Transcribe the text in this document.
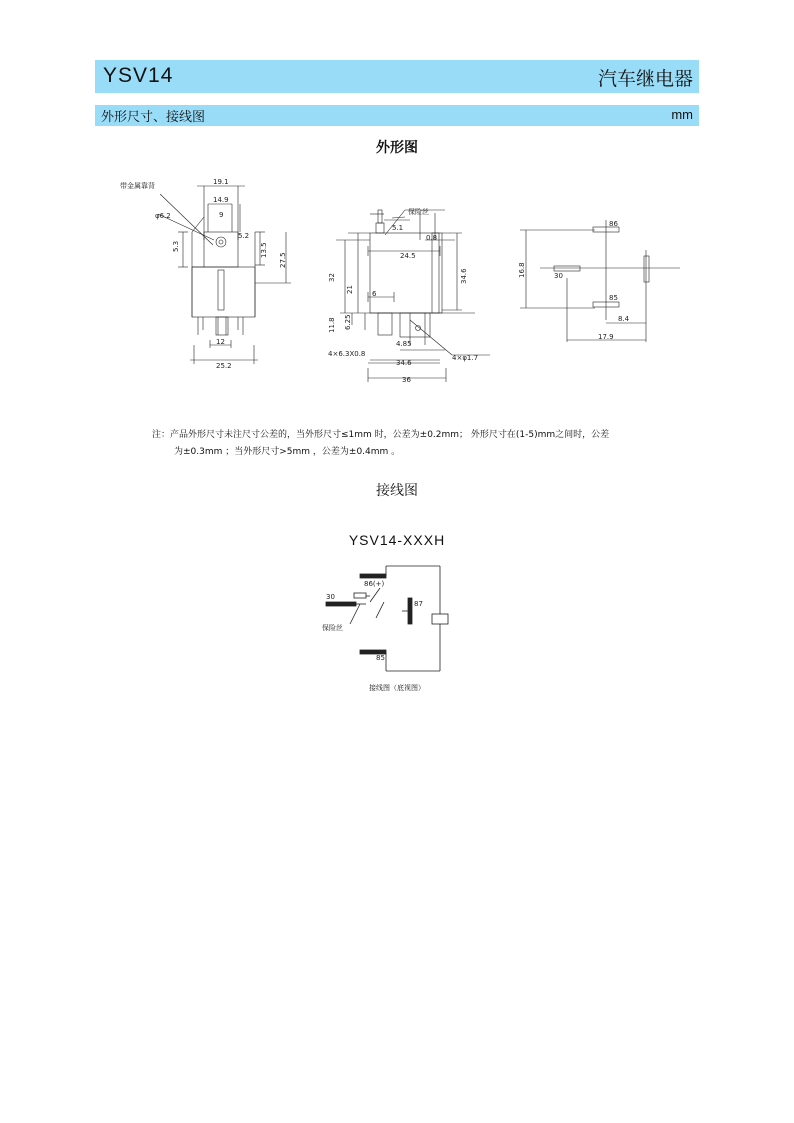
YSV14	汽车继电器
外形尺寸、接线图	mm
外形图
带金属靠背
φ6.2
19.1
14.9
9
5.3
5.2
13.5
27.5
12
25.2
保险丝
5.1
0.8
24.5
34.6
32
21	6
11.8 6.25
4.85
34.6
36
4×6.3X0.8	4×φ1.7
86
30
85
16.8
8.4
17.9
注：产品外形尺寸未注尺寸公差的，当外形尺寸≤1mm 时，公差为±0.2mm； 外形尺寸在(1-5)mm之间时，公差
为±0.3mm ；当外形尺寸>5mm ，公差为±0.4mm 。
接线图
YSV14-XXXH
86(+)
30
87
85
保险丝
接线图（底视图）
